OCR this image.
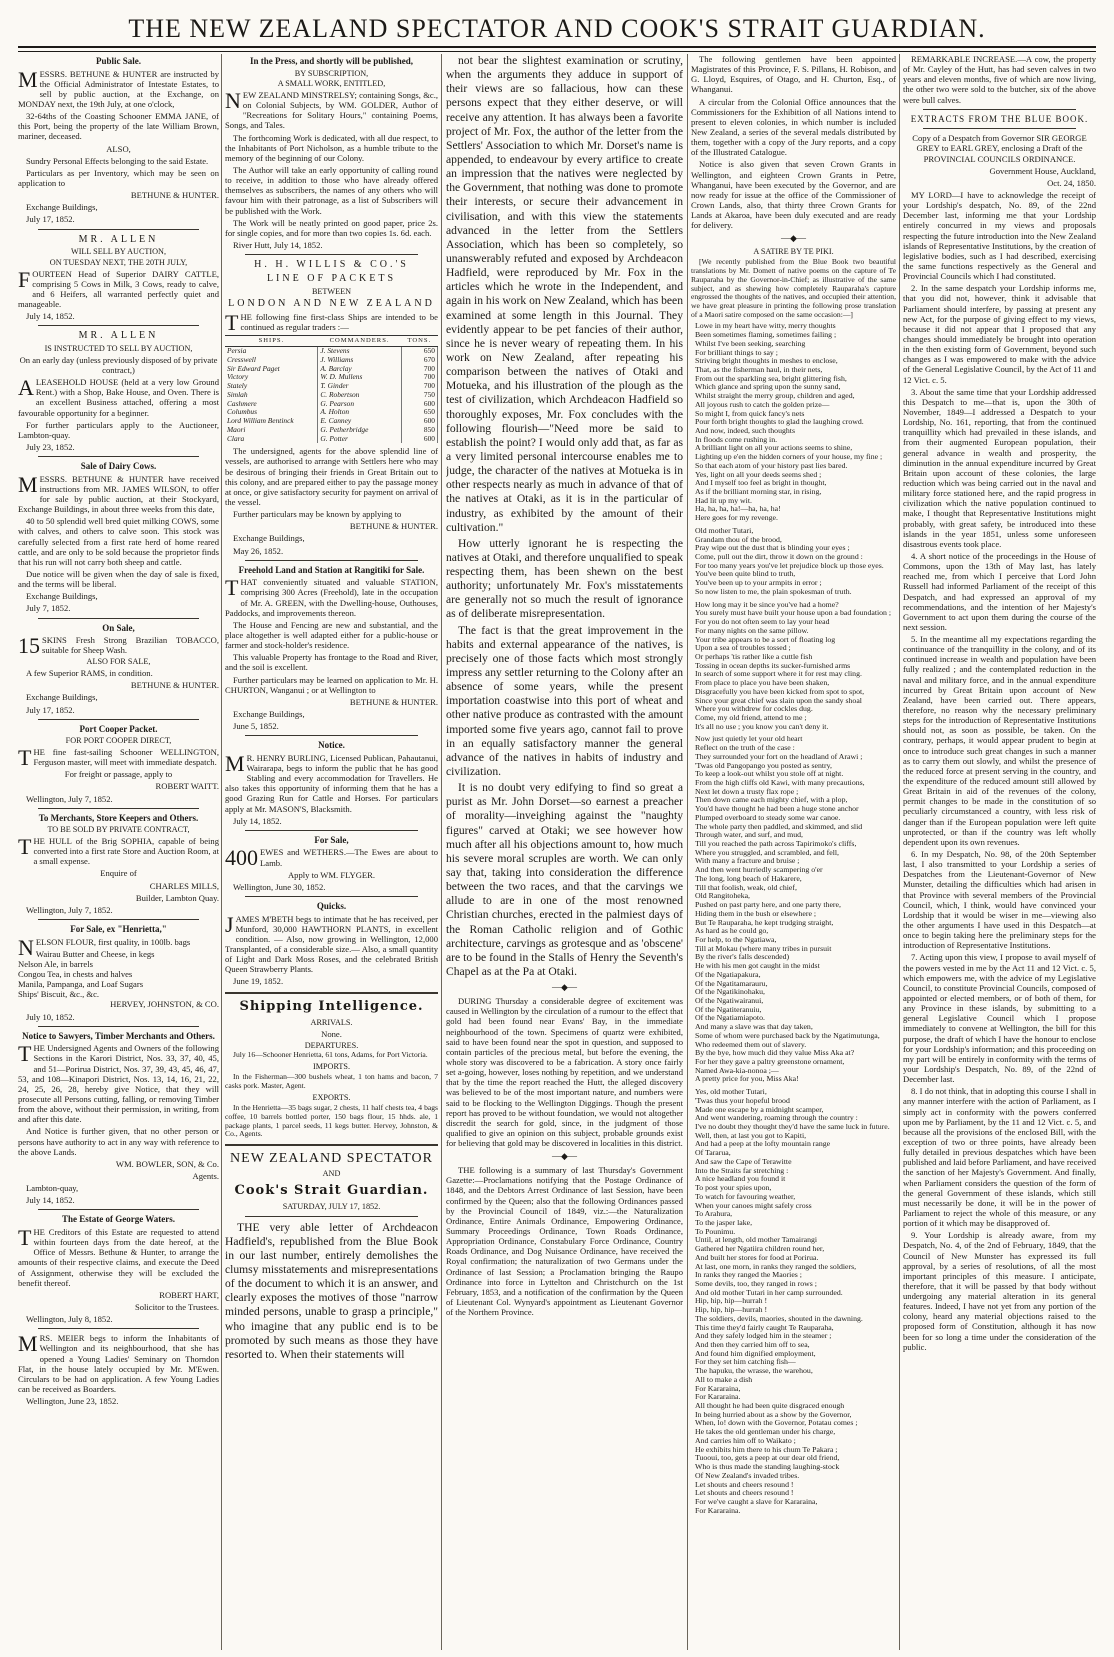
THE NEW ZEALAND SPECTATOR AND COOK'S STRAIT GUARDIAN.
Public Sale.

MESSRS. BETHUNE & HUNTER are instructed by the Official Administrator of Intestate Estates, to sell by public auction, at the Exchange, on MONDAY next, the 19th July, at one o'clock,

32-64ths of the Coasting Schooner EMMA JANE, of this Port, being the property of the late William Brown, mariner, deceased.

ALSO,

Sundry Personal Effects belonging to the said Estate.

Particulars as per Inventory, which may be seen on application to

BETHUNE & HUNTER.

Exchange Buildings,

July 17, 1852.

MR. ALLEN
WILL SELL BY AUCTION,
ON TUESDAY NEXT, THE 20TH JULY,

FOURTEEN Head of Superior DAIRY CATTLE, comprising 5 Cows in Milk, 3 Cows, ready to calve, and 6 Heifers, all warranted perfectly quiet and manageable.

July 14, 1852.

MR. ALLEN
IS INSTRUCTED TO SELL BY AUCTION,

On an early day (unless previously disposed of by private contract,)

ALEASEHOLD HOUSE (held at a very low Ground Rent.) with a Shop, Bake House, and Oven. There is an excellent Business attached, offering a most favourable opportunity for a beginner.

For further particulars apply to the Auctioneer, Lambton-quay.

July 23, 1852.

Sale of Dairy Cows.

MESSRS. BETHUNE & HUNTER have received instructions from MR. JAMES WILSON, to offer for sale by public auction, at their Stockyard, Exchange Buildings, in about three weeks from this date,

40 to 50 splendid well bred quiet milking COWS, some with calves, and others to calve soon. This stock was carefully selected from a first rate herd of home reared cattle, and are only to be sold because the proprietor finds that his run will not carry both sheep and cattle.

Due notice will be given when the day of sale is fixed, and the terms will be liberal.

Exchange Buildings,

July 7, 1852.

On Sale,

15 SKINS Fresh Strong Brazilian TOBACCO, suitable for Sheep Wash.

ALSO FOR SALE,

A few Superior RAMS, in condition.

BETHUNE & HUNTER.

Exchange Buildings,

July 17, 1852.

Port Cooper Packet.
FOR PORT COOPER DIRECT,

THE fine fast-sailing Schooner WELLINGTON, Ferguson master, will meet with immediate despatch.

For freight or passage, apply to

ROBERT WAITT.

Wellington, July 7, 1852.

To Merchants, Store Keepers and Others.
TO BE SOLD BY PRIVATE CONTRACT,

THE HULL of the Brig SOPHIA, capable of being converted into a first rate Store and Auction Room, at a small expense.

Enquire of

CHARLES MILLS,

Builder, Lambton Quay.

Wellington, July 7, 1852.

For Sale, ex "Henrietta,"

NELSON FLOUR, first quality, in 100lb. bags

Wairau Butter and Cheese, in kegs
Nelson Ale, in barrels
Congou Tea, in chests and halves
Manila, Pampanga, and Loaf Sugars
Ships' Biscuit, &c., &c.

HERVEY, JOHNSTON, & CO.

July 10, 1852.

Notice to Sawyers, Timber Merchants and Others.

THE Undersigned Agents and Owners of the following Sections in the Karori District, Nos. 33, 37, 40, 45, and 51—Porirua District, Nos. 37, 39, 43, 45, 46, 47, 53, and 108—Kinapori District, Nos. 13, 14, 16, 21, 22, 24, 25, 26, 28, hereby give Notice, that they will prosecute all Persons cutting, falling, or removing Timber from the above, without their permission, in writing, from and after this date.

And Notice is further given, that no other person or persons have authority to act in any way with reference to the above Lands.

WM. BOWLER, SON, & Co.

Agents.

Lambton-quay,

July 14, 1852.

The Estate of George Waters.

THE Creditors of this Estate are requested to attend within fourteen days from the date hereof, at the Office of Messrs. Bethune & Hunter, to arrange the amounts of their respective claims, and execute the Deed of Assignment, otherwise they will be excluded the benefit thereof.

ROBERT HART,

Solicitor to the Trustees.

Wellington, July 8, 1852.

MRS. MEIER begs to inform the Inhabitants of Wellington and its neighbourhood, that she has opened a Young Ladies' Seminary on Thorndon Flat, in the house lately occupied by Mr. M'Ewen. Circulars to be had on application. A few Young Ladies can be received as Boarders.

Wellington, June 23, 1852.

In the Press, and shortly will be published,
BY SUBSCRIPTION,
A SMALL WORK, ENTITLED,

NEW ZEALAND MINSTRELSY; containing Songs, &c., on Colonial Subjects, by WM. GOLDER, Author of "Recreations for Solitary Hours," containing Poems, Songs, and Tales.

The forthcoming Work is dedicated, with all due respect, to the Inhabitants of Port Nicholson, as a humble tribute to the memory of the beginning of our Colony.

The Author will take an early opportunity of calling round to receive, in addition to those who have already offered themselves as subscribers, the names of any others who will favour him with their patronage, as a list of Subscribers will be published with the Work.

The Work will be neatly printed on good paper, price 2s. for single copies, and for more than two copies 1s. 6d. each.

River Hutt, July 14, 1852.

H. H. WILLIS & CO.'S
LINE OF PACKETS
BETWEEN
LONDON AND NEW ZEALAND

THE following fine first-class Ships are intended to be continued as regular traders :—

SHIPS.	COMMANDERS.	TONS.
Persia	J. Stevens	650
Cresswell	J. Williams	670
Sir Edward Paget	A. Barclay	700
Victory	W. D. Mullens	700
Stately	T. Ginder	700
Simlah	C. Robertson	750
Cashmere	G. Pearson	600
Columbus	A. Holton	650
Lord William Bentinck	E. Canney	600
Maori	G. Petherbridge	850
Clara	G. Potter	600

The undersigned, agents for the above splendid line of vessels, are authorised to arrange with Settlers here who may be desirous of bringing their friends in Great Britain out to this colony, and are prepared either to pay the passage money at once, or give satisfactory security for payment on arrival of the vessel.

Further particulars may be known by applying to

BETHUNE & HUNTER.

Exchange Buildings,

May 26, 1852.

Freehold Land and Station at Rangitiki for Sale.

THAT conveniently situated and valuable STATION, comprising 300 Acres (Freehold), late in the occupation of Mr. A. GREEN, with the Dwelling-house, Outhouses, Paddocks, and improvements thereon.

The House and Fencing are new and substantial, and the place altogether is well adapted either for a public-house or farmer and stock-holder's residence.

This valuable Property has frontage to the Road and River, and the soil is excellent.

Further particulars may be learned on application to Mr. H. CHURTON, Wanganui ; or at Wellington to

BETHUNE & HUNTER.

Exchange Buildings,

June 5, 1852.

Notice.

M R. HENRY BURLING, Licensed Publican, Pahautanui, Wairarapa, begs to inform the public that he has good Stabling and every accommodation for Travellers. He also takes this opportunity of informing them that he has a good Grazing Run for Cattle and Horses. For particulars apply at Mr. MASON'S, Blacksmith.

July 14, 1852.

For Sale,

400 EWES and WETHERS.—The Ewes are about to Lamb.

Apply to WM. FLYGER.

Wellington, June 30, 1852.

Quicks.

JAMES M'BETH begs to intimate that he has received, per Munford, 30,000 HAWTHORN PLANTS, in excellent condition. — Also, now growing in Wellington, 12,000 Transplanted, of a considerable size.— Also, a small quantity of Light and Dark Moss Roses, and the celebrated British Queen Strawberry Plants.

June 19, 1852.

Shipping Intelligence.
ARRIVALS.

None.

DEPARTURES.

July 16—Schooner Henrietta, 61 tons, Adams, for Port Victoria.

IMPORTS.

In the Fisherman—300 bushels wheat, 1 ton hams and bacon, 7 casks pork. Master, Agent.

EXPORTS.

In the Henrietta—35 bags sugar, 2 chests, 11 half chests tea, 4 bags coffee, 10 barrels bottled porter, 150 bags flour, 15 hhds. ale, 1 package plants, 1 parcel seeds, 11 kegs butter. Hervey, Johnston, & Co., Agents.

NEW ZEALAND SPECTATOR
AND
Cook's Strait Guardian.
SATURDAY, JULY 17, 1852.

THE very able letter of Archdeacon Hadfield's, republished from the Blue Book in our last number, entirely demolishes the clumsy misstatements and misrepresentations of the document to which it is an answer, and clearly exposes the motives of those "narrow minded persons, unable to grasp a principle," who imagine that any public end is to be promoted by such means as those they have resorted to. When their statements will

not bear the slightest examination or scrutiny, when the arguments they adduce in support of their views are so fallacious, how can these persons expect that they either deserve, or will receive any attention. It has always been a favorite project of Mr. Fox, the author of the letter from the Settlers' Association to which Mr. Dorset's name is appended, to endeavour by every artifice to create an impression that the natives were neglected by the Government, that nothing was done to promote their interests, or secure their advancement in civilisation, and with this view the statements advanced in the letter from the Settlers Association, which has been so completely, so unanswerably refuted and exposed by Archdeacon Hadfield, were reproduced by Mr. Fox in the articles which he wrote in the Independent, and again in his work on New Zealand, which has been examined at some length in this Journal. They evidently appear to be pet fancies of their author, since he is never weary of repeating them. In his work on New Zealand, after repeating his comparison between the natives of Otaki and Motueka, and his illustration of the plough as the test of civilization, which Archdeacon Hadfield so thoroughly exposes, Mr. Fox concludes with the following flourish—"Need more be said to establish the point? I would only add that, as far as a very limited personal intercourse enables me to judge, the character of the natives at Motueka is in other respects nearly as much in advance of that of the natives at Otaki, as it is in the particular of industry, as exhibited by the amount of their cultivation."

How utterly ignorant he is respecting the natives at Otaki, and therefore unqualified to speak respecting them, has been shewn on the best authority; unfortunately Mr. Fox's misstatements are generally not so much the result of ignorance as of deliberate misrepresentation.

The fact is that the great improvement in the habits and external appearance of the natives, is precisely one of those facts which most strongly impress any settler returning to the Colony after an absence of some years, while the present importation coastwise into this port of wheat and other native produce as contrasted with the amount imported some five years ago, cannot fail to prove in an equally satisfactory manner the general advance of the natives in habits of industry and civilization.

It is no doubt very edifying to find so great a purist as Mr. John Dorset—so earnest a preacher of morality—inveighing against the "naughty figures" carved at Otaki; we see however how much after all his objections amount to, how much his severe moral scruples are worth. We can only say that, taking into consideration the difference between the two races, and that the carvings we allude to are in one of the most renowned Christian churches, erected in the palmiest days of the Roman Catholic religion and of Gothic architecture, carvings as grotesque and as 'obscene' are to be found in the Stalls of Henry the Seventh's Chapel as at the Pa at Otaki.

—◆—

DURING Thursday a considerable degree of excitement was caused in Wellington by the circulation of a rumour to the effect that gold had been found near Evans' Bay, in the immediate neighbourhood of the town. Specimens of quartz were exhibited, said to have been found near the spot in question, and supposed to contain particles of the precious metal, but before the evening, the whole story was discovered to be a fabrication. A story once fairly set a-going, however, loses nothing by repetition, and we understand that by the time the report reached the Hutt, the alleged discovery was believed to be of the most important nature, and numbers were said to be flocking to the Wellington Diggings. Though the present report has proved to be without foundation, we would not altogether discredit the search for gold, since, in the judgment of those qualified to give an opinion on this subject, probable grounds exist for believing that gold may be discovered in localities in this district.

—◆—

THE following is a summary of last Thursday's Government Gazette:—Proclamations notifying that the Postage Ordinance of 1848, and the Debtors Arrest Ordinance of last Session, have been confirmed by the Queen; also that the following Ordinances passed by the Provincial Council of 1849, viz.:—the Naturalization Ordinance, Entire Animals Ordinance, Empowering Ordinance, Summary Proceedings Ordinance, Town Roads Ordinance, Appropriation Ordinance, Constabulary Force Ordinance, Country Roads Ordinance, and Dog Nuisance Ordinance, have received the Royal confirmation; the naturalization of two Germans under the Ordinance of last Session; a Proclamation bringing the Raupo Ordinance into force in Lyttelton and Christchurch on the 1st February, 1853, and a notification of the confirmation by the Queen of Lieutenant Col. Wynyard's appointment as Lieutenant Governor of the Northern Province.

The following gentlemen have been appointed Magistrates of this Province, F. S. Pillans, H. Robison, and G. Lloyd, Esquires, of Otago, and H. Churton, Esq., of Whanganui.

A circular from the Colonial Office announces that the Commissioners for the Exhibition of all Nations intend to present to eleven colonies, in which number is included New Zealand, a series of the several medals distributed by them, together with a copy of the Jury reports, and a copy of the Illustrated Catalogue.

Notice is also given that seven Crown Grants in Wellington, and eighteen Crown Grants in Petre, Whanganui, have been executed by the Governor, and are now ready for issue at the office of the Commissioner of Crown Lands, also, that thirty three Crown Grants for Lands at Akaroa, have been duly executed and are ready for delivery.

—◆—
A SATIRE BY TE PIKI.

[We recently published from the Blue Book two beautiful translations by Mr. Domett of native poems on the capture of Te Rauparaha by the Governor-in-Chief; as illustrative of the same subject, and as shewing how completely Rauparaha's capture engrossed the thoughts of the natives, and occupied their attention, we have great pleasure in printing the following prose translation of a Maori satire composed on the same occasion:—]

Lowe in my heart have witty, merry thoughts
Been sometimes flaming, sometimes failing ;
Whilst I've been seeking, searching
For brilliant things to say ;
Striving bright thoughts in meshes to enclose,
That, as the fisherman haul, in their nets,
From out the sparkling sea, bright glittering fish,
Which glance and spring upon the sunny sand,
Whilst straight the merry group, children and aged,
All joyous rush to catch the golden prize—
So might I, from quick fancy's nets
Pour forth bright thoughts to glad the laughing crowd.
And now, indeed, such thoughts
In floods come rushing in.
A brilliant light on all your actions seems to shine,
Lighting up e'en the hidden corners of your house, my fine ;
So that each atom of your history past lies bared.
Yes, light on all your deeds seems shed ;
And I myself too feel as bright in thought,
As if the brilliant morning star, in rising,
Had lit up my wit.
Ha, ha, ha, ha!—ha, ha, ha!
Here goes for my revenge.
Old mother Tutari,
Grandam thou of the brood,
Pray wipe out the dust that is blinding your eyes ;
Come, pull out the dirt, throw it down on the ground :
For too many years you've let prejudice block up those eyes.
You've been quite blind to truth,
You've been up to your armpits in error ;
So now listen to me, the plain spokesman of truth.
How long may it be since you've had a home?
You surely must have built your house upon a bad foundation ;
For you do not often seem to lay your head
For many nights on the same pillow.
Your tribe appears to be a sort of floating log
Upon a sea of troubles tossed ;
Or perhaps 'tis rather like a cuttle fish
Tossing in ocean depths its sucker-furnished arms
In search of some support where it for rest may cling.
From place to place you have been shaken,
Disgracefully you have been kicked from spot to spot,
Since your great chief was slain upon the sandy shoal
Where you withdrew for cockles dug.
Come, my old friend, attend to me ;
It's all no use ; you know you can't deny it.
Now just quietly let your old heart
Reflect on the truth of the case :
They surrounded your fort on the headland of Arawi ;
'Twas old Pangopango you posted as sentry,
To keep a look-out whilst you stole off at night.
From the high cliffs old Kawi, with many precautions,
Next let down a trusty flax rope ;
Then down came each mighty chief, with a plop,
You'd have thought he had been a huge stone anchor
Plumped overboard to steady some war canoe.
The whole party then paddled, and skimmed, and slid
Through water, and surf, and mud,
Till you reached the path across Tapirimoko's cliffs,
Where you struggled, and scrambled, and fell,
With many a fracture and bruise ;
And then went hurriedly scampering o'er
The long, long beach of Hakarere,
Till that foolish, weak, old chief,
Old Rangitoheka,
Pushed on past party here, and one party there,
Hiding them in the bush or elsewhere ;
But Te Rauparaha, he kept trudging straight,
As hard as he could go,
For help, to the Ngatiawa,
Till at Mokau (where many tribes in pursuit
By the river's falls descended)
He with his men got caught in the midst
Of the Ngatiapakura,
Of the Ngatitamarauru,
Of the Ngatikinohaku,
Of the Ngatiwairanui,
Of the Ngatiteranuiu,
Of the Ngatiamiapoto.
And many a slave was that day taken,
Some of whom were purchased back by the Ngatimutunga,
Who redeemed them out of slavery.
By the bye, how much did they value Miss Aka at?
For her they gave a paltry greenstone ornament,
Named Awa-kia-nonoa ;—
A pretty price for you, Miss Aka!
Yes, old mother Tutari,
'Twas thus your hopeful brood
Made one escape by a midnight scamper,
And went wandering, roaming through the country :
I've no doubt they thought they'd have the same luck in future.
Well, then, at last you got to Kapiti,
And had a peep at the lofty mountain range
Of Tararua,
And saw the Cape of Terawitte
Into the Straits far stretching :
A nice headland you found it
To post your spies upon,
To watch for favouring weather,
When your canoes might safely cross
To Arahura,
To the jasper lake,
To Pounimu.
Until, at length, old mother Tamairangi
Gathered her Ngatiira children round her,
And built her stores for food at Porirua.
At last, one morn, in ranks they ranged the soldiers,
In ranks they ranged the Maories ;
Some devils, too, they ranged in rows ;
And old mother Tutari in her camp surrounded.
Hip, hip, hip—hurrah !
Hip, hip, hip—hurrah !
The soldiers, devils, maories, shouted in the dawning.
This time they'd fairly caught Te Rauparaha,
And they safely lodged him in the steamer ;
And then they carried him off to sea,
And found him dignified employment,
For they set him catching fish—
The hapuku, the wrasse, the warehou,
All to make a dish
For Kararaina,
For Kararaina.
All thought he had been quite disgraced enough
In being hurried about as a show by the Governor,
When, lo! down with the Governor, Potatau comes ;
He takes the old gentleman under his charge,
And carries him off to Waikato ;
He exhibits him there to his chum Te Pakara ;
Tuooui, too, gets a peep at our dear old friend,
Who is thus made the standing laughing-stock
Of New Zealand's invaded tribes.
Let shouts and cheers resound !
Let shouts and cheers resound !
For we've caught a slave for Kararaina,
For Kararaina.

REMARKABLE INCREASE.—A cow, the property of Mr. Cayley of the Hutt, has had seven calves in two years and eleven months, five of which are now living, the other two were sold to the butcher, six of the above were bull calves.

EXTRACTS FROM THE BLUE BOOK.

Copy of a Despatch from Governor SIR GEORGE GREY to EARL GREY, enclosing a Draft of the PROVINCIAL COUNCILS ORDINANCE.

Government House, Auckland,

Oct. 24, 1850.

MY LORD—I have to acknowledge the receipt of your Lordship's despatch, No. 89, of the 22nd December last, informing me that your Lordship entirely concurred in my views and proposals respecting the future introduction into the New Zealand islands of Representative Institutions, by the creation of legislative bodies, such as I had described, exercising the same functions respectively as the General and Provincial Councils which I had constituted.

2. In the same despatch your Lordship informs me, that you did not, however, think it advisable that Parliament should interfere, by passing at present any new Act, for the purpose of giving effect to my views, because it did not appear that I proposed that any changes should immediately be brought into operation in the then existing form of Government, beyond such changes as I was empowered to make with the advice of the General Legislative Council, by the Act of 11 and 12 Vict. c. 5.

3. About the same time that your Lordship addressed this Despatch to me—that is, upon the 30th of November, 1849—I addressed a Despatch to your Lordship, No. 161, reporting, that from the continued tranquillity which had prevailed in these islands, and from their augmented European population, their general advance in wealth and prosperity, the diminution in the annual expenditure incurred by Great Britain upon account of these colonies, the large reduction which was being carried out in the naval and military force stationed here, and the rapid progress in civilization which the native population continued to make, I thought that Representative Institutions might probably, with great safety, be introduced into these islands in the year 1851, unless some unforeseen disastrous events took place.

4. A short notice of the proceedings in the House of Commons, upon the 13th of May last, has lately reached me, from which I perceive that Lord John Russell had informed Parliament of the receipt of this Despatch, and had expressed an approval of my recommendations, and the intention of her Majesty's Government to act upon them during the course of the next session.

5. In the meantime all my expectations regarding the continuance of the tranquillity in the colony, and of its continued increase in wealth and population have been fully realized ; and the contemplated reduction in the naval and military force, and in the annual expenditure incurred by Great Britain upon account of New Zealand, have been carried out. There appears, therefore, no reason why the necessary preliminary steps for the introduction of Representative Institutions should not, as soon as possible, be taken. On the contrary, perhaps, it would appear prudent to begin at once to introduce such great changes in such a manner as to carry them out slowly, and whilst the presence of the reduced force at present serving in the country, and the expenditure of the reduced amount still allowed by Great Britain in aid of the revenues of the colony, permit changes to be made in the constitution of so peculiarly circumstanced a country, with less risk of danger than if the European population were left quite unprotected, or than if the country was left wholly dependent upon its own revenues.

6. In my Despatch, No. 98, of the 20th September last, I also transmitted to your Lordship a series of Despatches from the Lieutenant-Governor of New Munster, detailing the difficulties which had arisen in that Province with several members of the Provincial Council, which, I think, would have convinced your Lordship that it would be wiser in me—viewing also the other arguments I have used in this Despatch—at once to begin taking here the preliminary steps for the introduction of Representative Institutions.

7. Acting upon this view, I propose to avail myself of the powers vested in me by the Act 11 and 12 Vict. c. 5, which empowers me, with the advice of my Legislative Council, to constitute Provincial Councils, composed of appointed or elected members, or of both of them, for any Province in these islands, by submitting to a general Legislative Council which I propose immediately to convene at Wellington, the bill for this purpose, the draft of which I have the honour to enclose for your Lordship's information; and this proceeding on my part will be entirely in conformity with the terms of your Lordship's Despatch, No. 89, of the 22nd of December last.

8. I do not think, that in adopting this course I shall in any manner interfere with the action of Parliament, as I simply act in conformity with the powers conferred upon me by Parliament, by the 11 and 12 Vict. c. 5, and because all the provisions of the enclosed Bill, with the exception of two or three points, have already been fully detailed in previous despatches which have been published and laid before Parliament, and have received the sanction of her Majesty's Government. And finally, when Parliament considers the question of the form of the general Government of these islands, which still must necessarily be done, it will be in the power of Parliament to reject the whole of this measure, or any portion of it which may be disapproved of.

9. Your Lordship is already aware, from my Despatch, No. 4, of the 2nd of February, 1849, that the Council of New Munster has expressed its full approval, by a series of resolutions, of all the most important principles of this measure. I anticipate, therefore, that it will be passed by that body without undergoing any material alteration in its general features. Indeed, I have not yet from any portion of the colony, heard any material objections raised to the proposed form of Constitution, although it has now been for so long a time under the consideration of the public.
